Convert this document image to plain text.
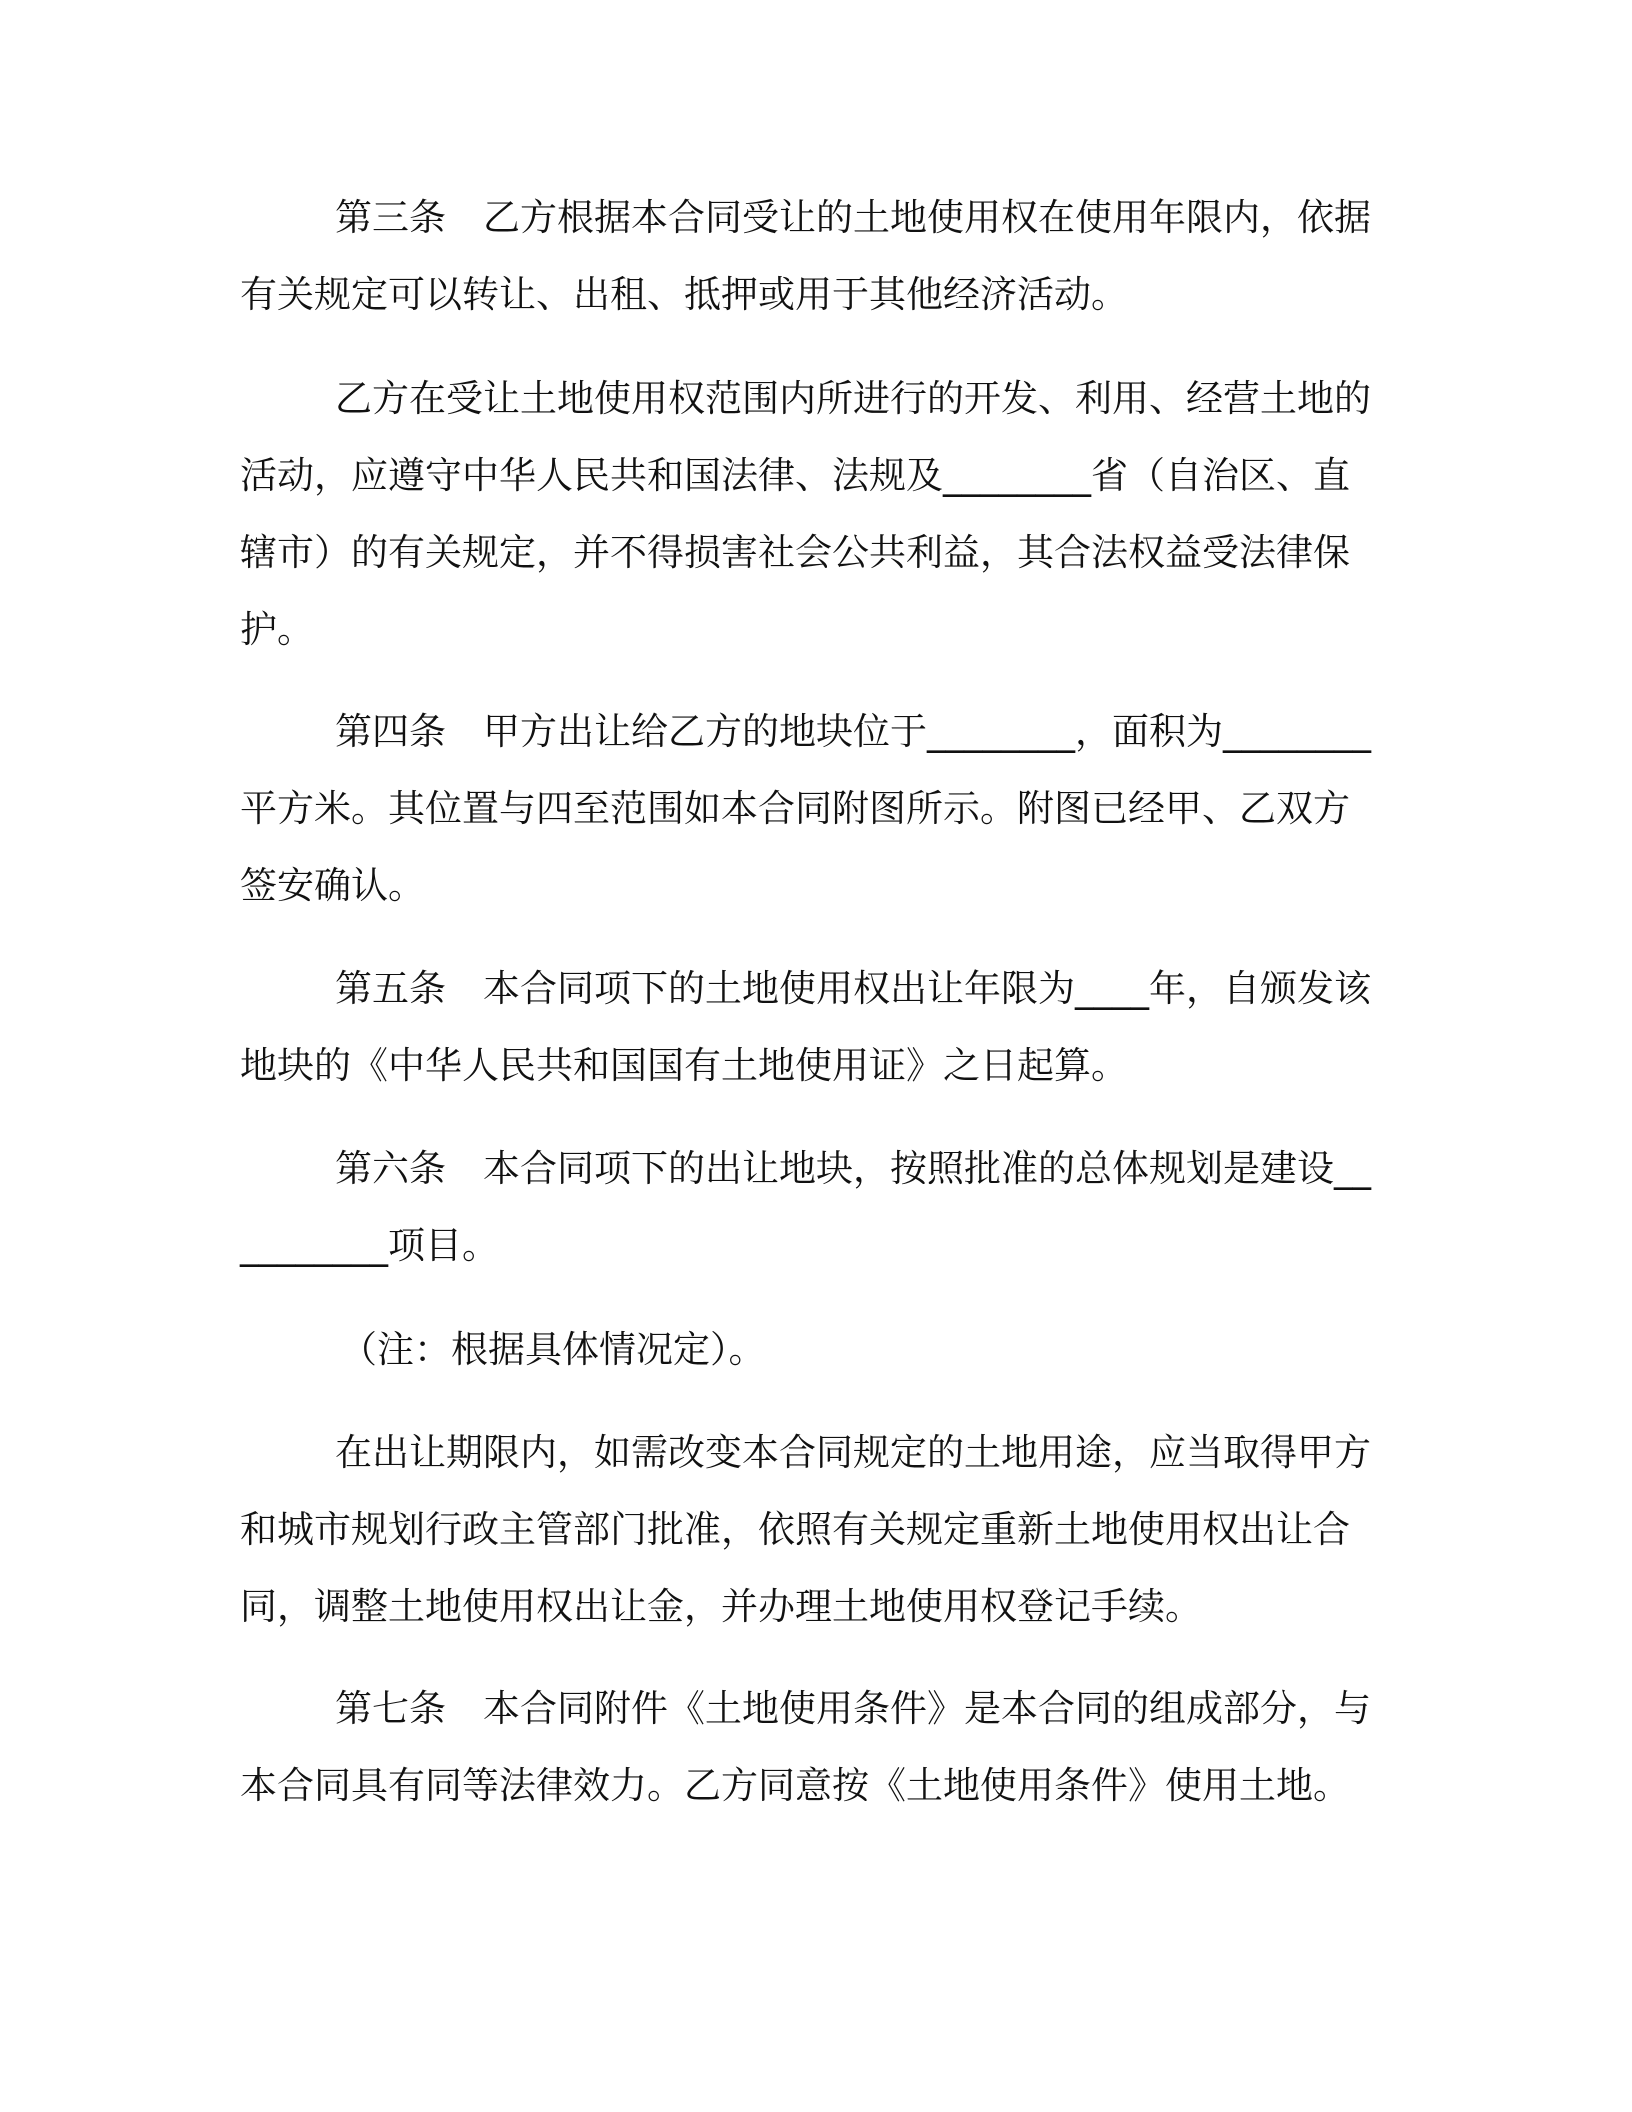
第三条　乙方根据本合同受让的土地使用权在使用年限内，依据
有关规定可以转让、出租、抵押或用于其他经济活动。
乙方在受让土地使用权范围内所进行的开发、利用、经营土地的
活动，应遵守中华人民共和国法律、法规及________省（自治区、直
辖市）的有关规定，并不得损害社会公共利益，其合法权益受法律保
护。
第四条　甲方出让给乙方的地块位于________，面积为________
平方米。其位置与四至范围如本合同附图所示。附图已经甲、乙双方
签安确认。
第五条　本合同项下的土地使用权出让年限为____年，自颁发该
地块的《中华人民共和国国有土地使用证》之日起算。
第六条　本合同项下的出让地块，按照批准的总体规划是建设__
________项目。
（注：根据具体情况定）。
在出让期限内，如需改变本合同规定的土地用途，应当取得甲方
和城市规划行政主管部门批准，依照有关规定重新土地使用权出让合
同，调整土地使用权出让金，并办理土地使用权登记手续。
第七条　本合同附件《土地使用条件》是本合同的组成部分，与
本合同具有同等法律效力。乙方同意按《土地使用条件》使用土地。
